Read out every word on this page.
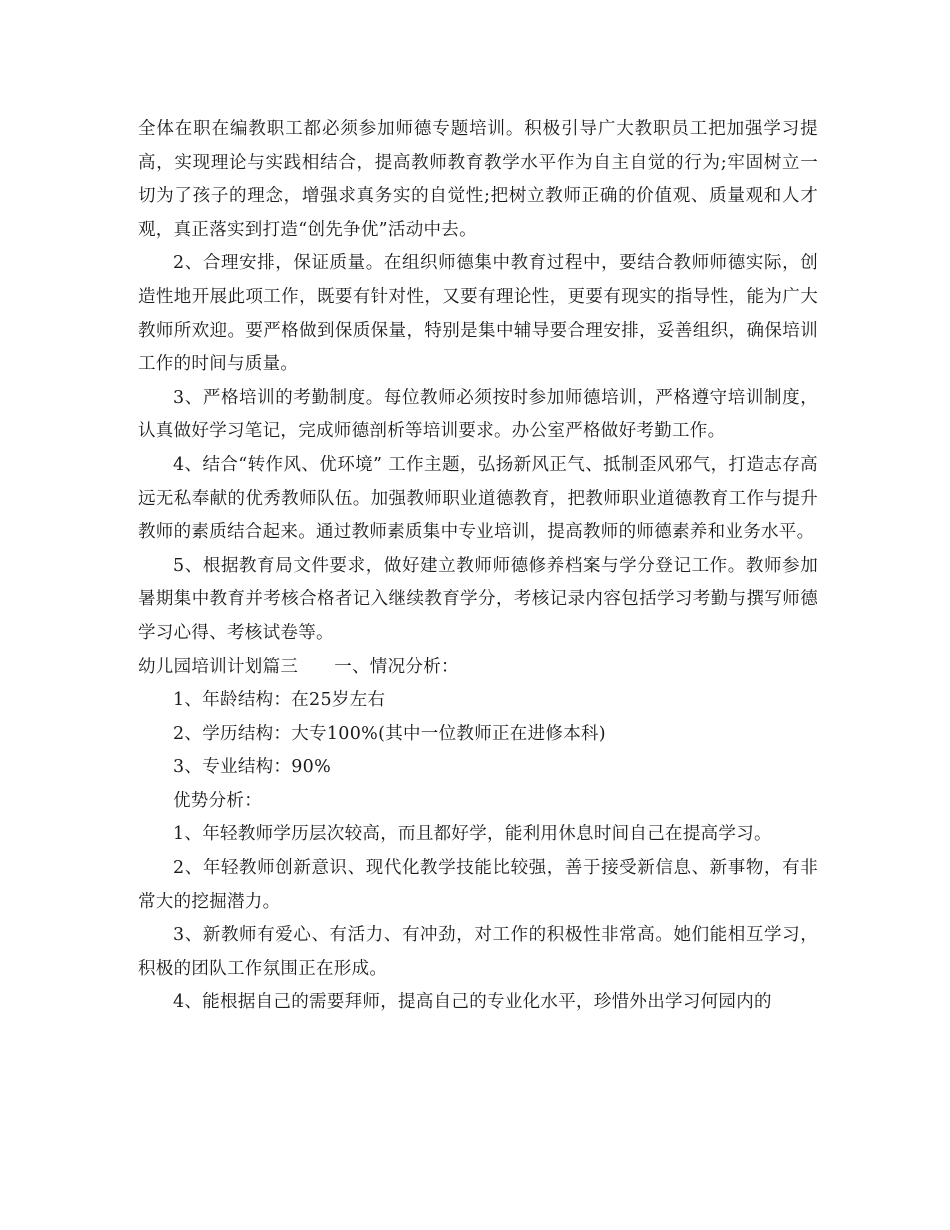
全体在职在编教职工都必须参加师德专题培训。积极引导广大教职员工把加强学习提高，实现理论与实践相结合，提高教师教育教学水平作为自主自觉的行为;牢固树立一切为了孩子的理念，增强求真务实的自觉性;把树立教师正确的价值观、质量观和人才观，真正落实到打造“创先争优”活动中去。

2、合理安排，保证质量。在组织师德集中教育过程中，要结合教师师德实际，创造性地开展此项工作，既要有针对性，又要有理论性，更要有现实的指导性，能为广大教师所欢迎。要严格做到保质保量，特别是集中辅导要合理安排，妥善组织，确保培训工作的时间与质量。

3、严格培训的考勤制度。每位教师必须按时参加师德培训，严格遵守培训制度，认真做好学习笔记，完成师德剖析等培训要求。办公室严格做好考勤工作。

4、结合“转作风、优环境” 工作主题，弘扬新风正气、抵制歪风邪气，打造志存高远无私奉献的优秀教师队伍。加强教师职业道德教育，把教师职业道德教育工作与提升教师的素质结合起来。通过教师素质集中专业培训，提高教师的师德素养和业务水平。

5、根据教育局文件要求，做好建立教师师德修养档案与学分登记工作。教师参加暑期集中教育并考核合格者记入继续教育学分，考核记录内容包括学习考勤与撰写师德学习心得、考核试卷等。

幼儿园培训计划篇三 一、情况分析：

1、年龄结构：在25岁左右

2、学历结构：大专100%(其中一位教师正在进修本科)

3、专业结构：90%

优势分析：

1、年轻教师学历层次较高，而且都好学，能利用休息时间自己在提高学习。

2、年轻教师创新意识、现代化教学技能比较强，善于接受新信息、新事物，有非常大的挖掘潜力。

3、新教师有爱心、有活力、有冲劲，对工作的积极性非常高。她们能相互学习，积极的团队工作氛围正在形成。

4、能根据自己的需要拜师，提高自己的专业化水平，珍惜外出学习何园内的
